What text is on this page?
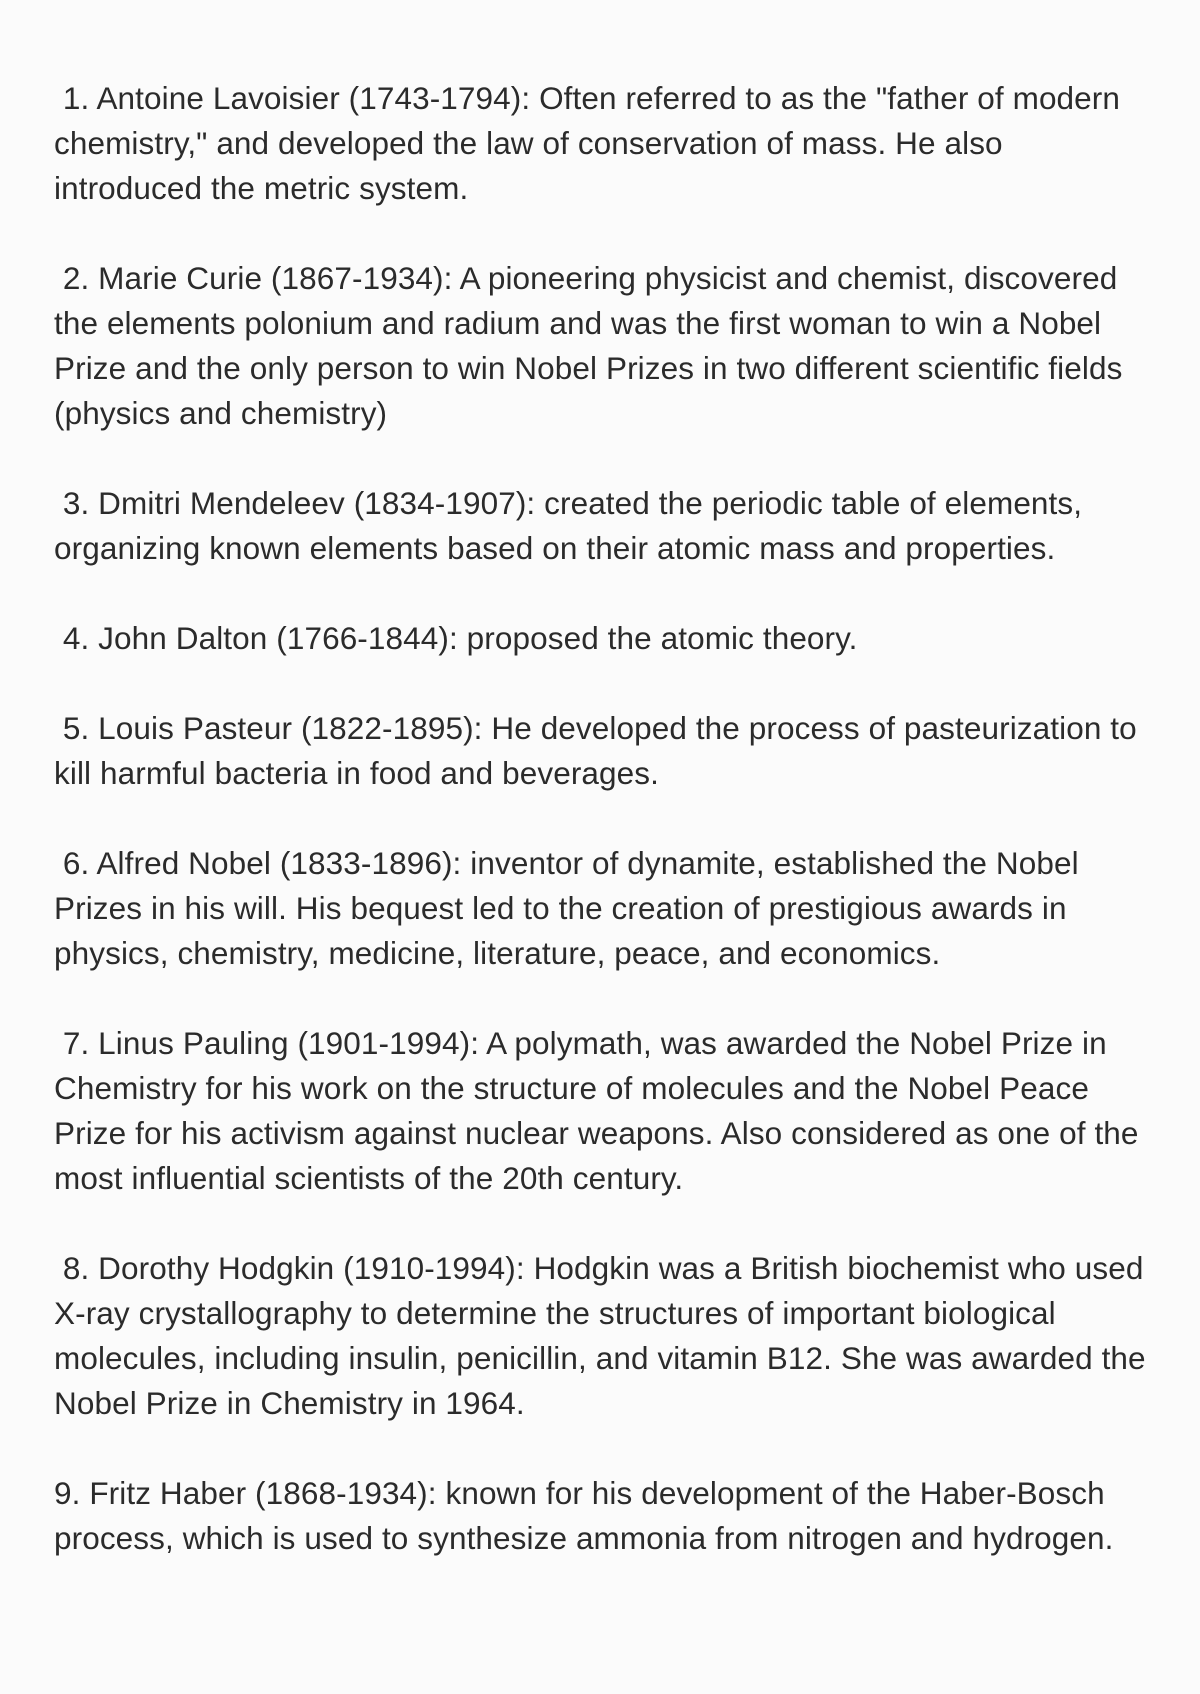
1. Antoine Lavoisier (1743-1794): Often referred to as the "father of modern chemistry," and developed the law of conservation of mass. He also introduced the metric system.

2. Marie Curie (1867-1934): A pioneering physicist and chemist, discovered the elements polonium and radium and was the first woman to win a Nobel Prize and the only person to win Nobel Prizes in two different scientific fields (physics and chemistry)

3. Dmitri Mendeleev (1834-1907): created the periodic table of elements, organizing known elements based on their atomic mass and properties.

4. John Dalton (1766-1844): proposed the atomic theory.

5. Louis Pasteur (1822-1895): He developed the process of pasteurization to kill harmful bacteria in food and beverages.

6. Alfred Nobel (1833-1896): inventor of dynamite, established the Nobel Prizes in his will. His bequest led to the creation of prestigious awards in physics, chemistry, medicine, literature, peace, and economics.

7. Linus Pauling (1901-1994): A polymath, was awarded the Nobel Prize in Chemistry for his work on the structure of molecules and the Nobel Peace Prize for his activism against nuclear weapons. Also considered as one of the most influential scientists of the 20th century.

8. Dorothy Hodgkin (1910-1994): Hodgkin was a British biochemist who used X-ray crystallography to determine the structures of important biological molecules, including insulin, penicillin, and vitamin B12. She was awarded the Nobel Prize in Chemistry in 1964.

9. Fritz Haber (1868-1934): known for his development of the Haber-Bosch process, which is used to synthesize ammonia from nitrogen and hydrogen.
